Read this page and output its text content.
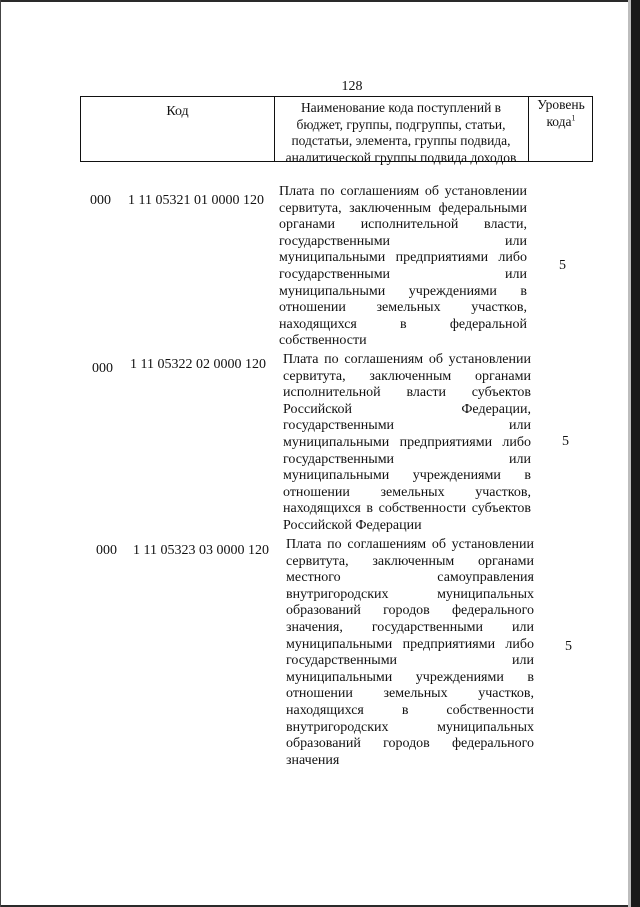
128
Код	Наименование кода поступлений в
бюджет, группы, подгруппы, статьи,
подстатьи, элемента, группы подвида,
аналитической группы подвида доходов
Уровень
кода$^1$
000 1 11 05321 01 0000 120
Плата по соглашениям об установлении
сервитута, заключенным федеральными
органами исполнительной власти,
государственными или
муниципальными предприятиями либо
государственными или
муниципальными учреждениями в
отношении земельных участков,
находящихся в федеральной
собственности
5
000 1 11 05322 02 0000 120 Плата по соглашениям об установлении
сервитута, заключенным органами
исполнительной власти субъектов
Российской Федерации,
государственными или
муниципальными предприятиями либо
государственными или
муниципальными учреждениями в
отношении земельных участков,
находящихся в собственности субъектов
Российской Федерации
5
000 1 11 05323 03 0000 120 Плата по соглашениям об установлении
сервитута, заключенным органами
местного самоуправления
внутригородских муниципальных
образований городов федерального
значения, государственными или
муниципальными предприятиями либо
государственными или
муниципальными учреждениями в
отношении земельных участков,
находящихся в собственности
внутригородских муниципальных
образований городов федерального
значения
5
